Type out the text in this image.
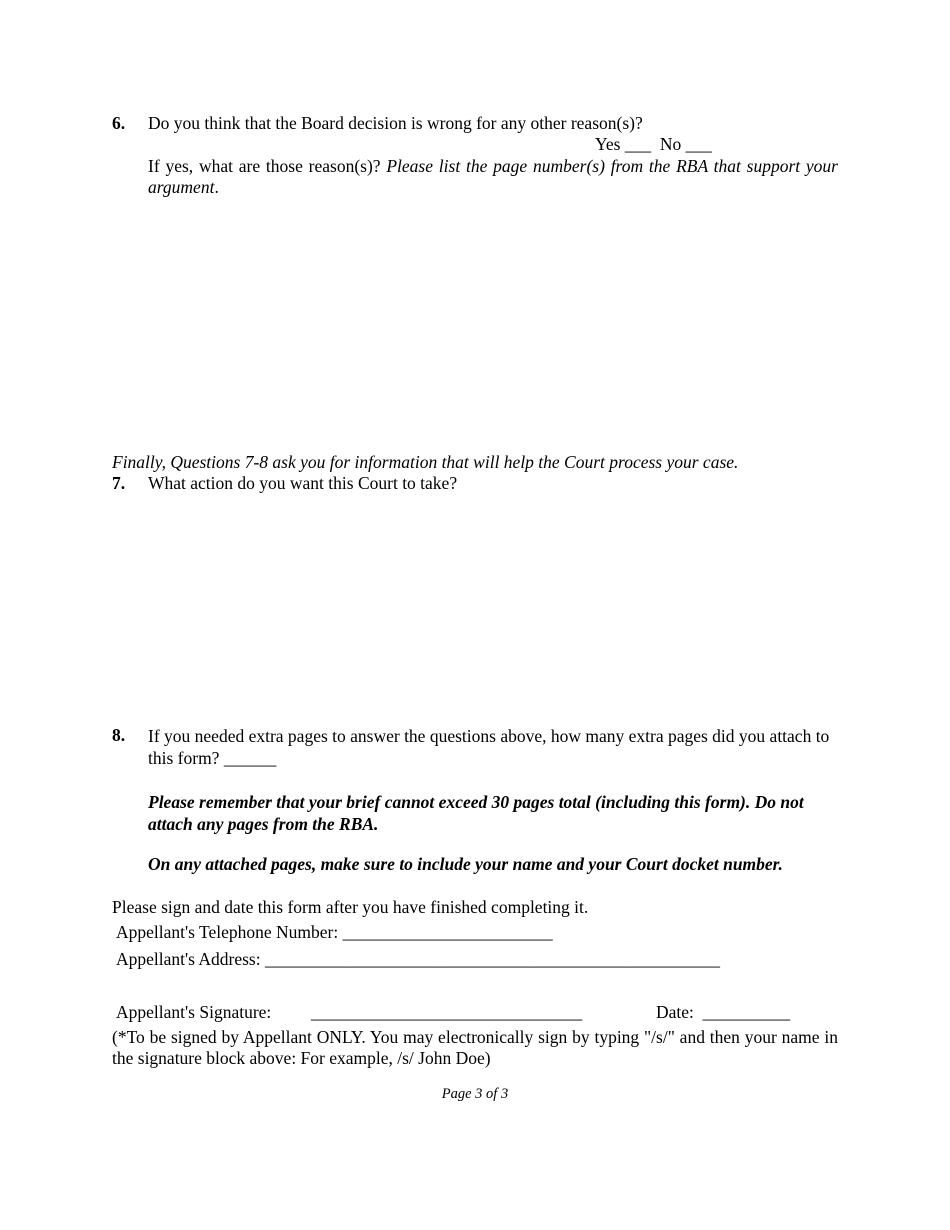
6. Do you think that the Board decision is wrong for any other reason(s)?
Yes ___  No ___
If yes, what are those reason(s)? Please list the page number(s) from the RBA that support your argument.
Finally, Questions 7-8 ask you for information that will help the Court process your case.
7. What action do you want this Court to take?
8. If you needed extra pages to answer the questions above, how many extra pages did you attach to this form? ______
Please remember that your brief cannot exceed 30 pages total (including this form). Do not attach any pages from the RBA.
On any attached pages, make sure to include your name and your Court docket number.
Please sign and date this form after you have finished completing it.
Appellant's Telephone Number: ________________________
Appellant's Address: ____________________________________________________
Appellant's Signature: _______________________________	Date:  __________
(*To be signed by Appellant ONLY. You may electronically sign by typing "/s/" and then your name in the signature block above: For example, /s/ John Doe)
Page 3 of 3
